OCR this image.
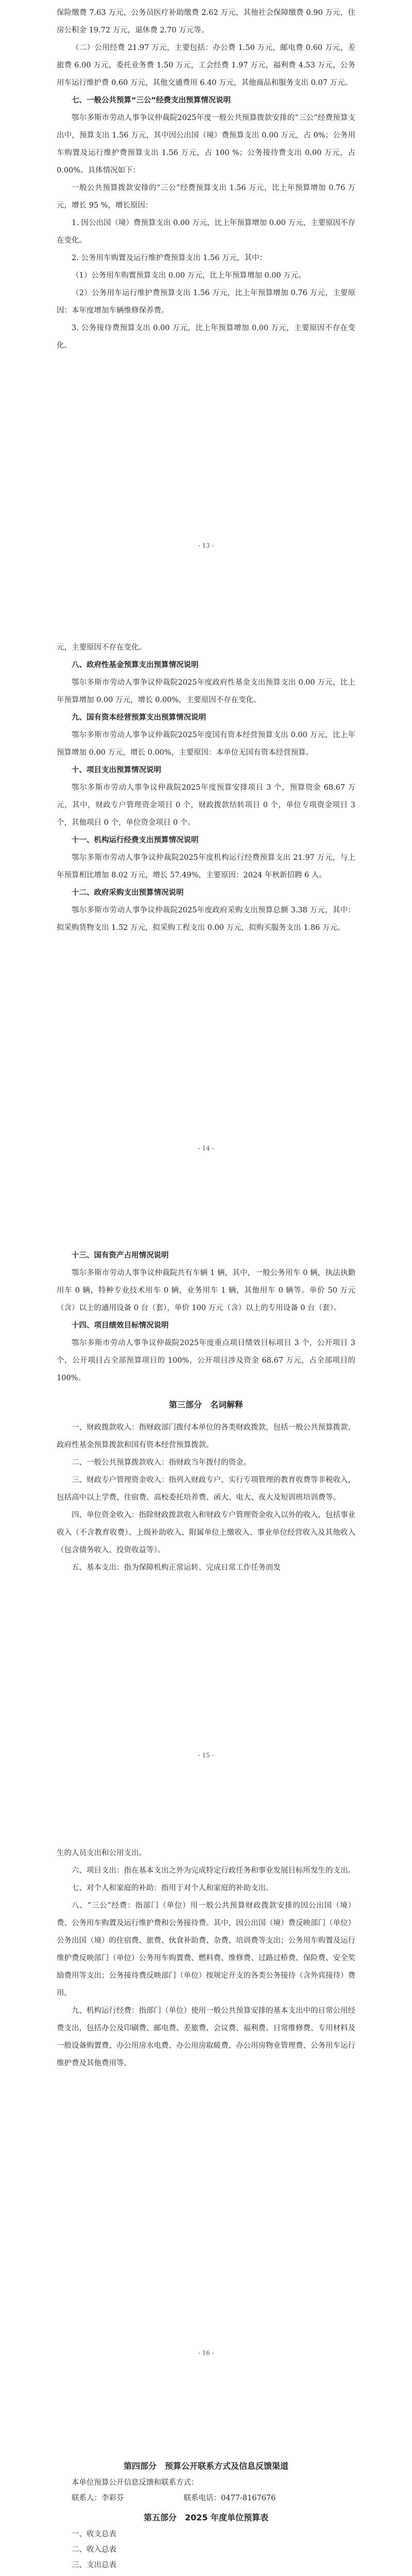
保险缴费 7.63 万元，公务员医疗补助缴费 2.62 万元，其他社会保障缴费 0.90 万元，住房公积金 19.72 万元，退休费 2.70 万元等。

（二）公用经费 21.97 万元，主要包括：办公费 1.50 万元，邮电费 0.60 万元，差旅费 6.00 万元，委托业务费 1.50 万元，工会经费 1.97 万元，福利费 4.53 万元，公务用车运行维护费 0.60 万元，其他交通费用 6.40 万元，其他商品和服务支出 0.07 万元。

七、一般公共预算“三公”经费支出预算情况说明

鄂尔多斯市劳动人事争议仲裁院2025年度一般公共预算拨款安排的“三公”经费预算支出中，预算支出 1.56 万元，其中因公出国（境）费预算支出 0.00 万元，占 0%；公务用车购置及运行维护费预算支出 1.56 万元，占 100 %；公务接待费支出 0.00 万元，占 0.00%。具体情况如下：

一般公共预算拨款安排的“三公”经费预算支出 1.56 万元，比上年预算增加 0.76 万元，增长 95 %，增长原因：

1. 因公出国（境）费预算支出 0.00 万元，比上年预算增加 0.00 万元，主要原因不存在变化。

2. 公务用车购置及运行维护费预算支出 1.56 万元，其中：

（1）公务用车购置预算支出 0.00 万元，比上年预算增加 0.00 万元。

（2）公务用车运行维护费预算支出 1.56 万元，比上年预算增加 0.76 万元，主要原因：本年度增加车辆维修保养费。

3. 公务接待费预算支出 0.00 万元，比上年预算增加 0.00 万元，主要原因不存在变化。

- 13 -

元，主要原因不存在变化。

八、政府性基金预算支出预算情况说明

鄂尔多斯市劳动人事争议仲裁院2025年度政府性基金支出预算支出 0.00 万元，比上年预算增加 0.00 万元，增长 0.00%，主要原因不存在变化。

九、国有资本经营预算支出预算情况说明

鄂尔多斯市劳动人事争议仲裁院2025年度国有资本经营预算支出 0.00 万元，比上年预算增加 0.00 万元，增长 0.00%，主要原因：本单位无国有资本经营预算。

十、项目支出预算情况说明

鄂尔多斯市劳动人事争议仲裁院2025年度预算安排项目 3 个，预算资金 68.67 万元，其中，财政专户管理资金项目 0 个，财政拨款结转项目 0 个，单位专项资金项目 3 个，其他项目 0 个，单位资金项目 0 个。

十一、机构运行经费支出预算情况说明

鄂尔多斯市劳动人事争议仲裁院2025年度机构运行经费预算支出 21.97 万元，与上年预算相比增加 8.02 万元，增长 57.49%，主要原因：2024 年秋新招聘 6 人。

十二、政府采购支出预算情况说明

鄂尔多斯市劳动人事争议仲裁院2025年度政府采购支出预算总额 3.38 万元，其中：拟采购货物支出 1.52 万元，拟采购工程支出 0.00 万元，拟购买服务支出 1.86 万元。

- 14 -

十三、国有资产占用情况说明

鄂尔多斯市劳动人事争议仲裁院共有车辆 1 辆，其中，一般公务用车 0 辆，执法执勤用车 0 辆，特种专业技术用车 0 辆，业务用车 1 辆，其他用车 0 辆等。单价 50 万元（含）以上的通用设备 0 台（套），单价 100 万元（含）以上的专用设备 0 台（套）。

十四、项目绩效目标情况说明

鄂尔多斯市劳动人事争议仲裁院2025年度重点项目绩效目标项目 3 个，公开项目 3 个，公开项目占全部预算项目的 100%，公开项目涉及资金 68.67 万元，占全部项目的 100%。

第三部分　名词解释

一、财政拨款收入：指财政部门拨付本单位的各类财政拨款，包括一般公共预算拨款、政府性基金预算拨款和国有资本经营预算拨款。

二、一般公共预算拨款收入：指财政当年拨付的资金。

三、财政专户管理资金收入：指列入财政专户、实行专项管理的教育收费等非税收入，包括高中以上学费、住宿费、高校委托培养费、函大、电大、夜大及短训班培训费等。

四、单位资金收入：指除财政拨款收入和财政专户管理资金收入以外的收入，包括事业收入（不含教育收费）、上级补助收入、附属单位上缴收入、事业单位经营收入及其他收入（包含债务收入、投资收益等）。

五、基本支出：指为保障机构正常运转、完成日常工作任务而发

- 15 -

生的人员支出和公用支出。

六、项目支出：指在基本支出之外为完成特定行政任务和事业发展目标所发生的支出。

七、对个人和家庭的补助：指用于对个人和家庭的补助支出。

八、“三公”经费：指部门（单位）用一般公共预算财政拨款安排的因公出国（境）费、公务用车购置及运行维护费和公务接待费。其中，因公出国（境）费反映部门（单位）公务出国（境）的住宿费、旅费、伙食补助费、杂费、培训费等支出；公务用车购置及运行维护费反映部门（单位）公务用车购置费、燃料费、维修费、过路过桥费、保险费、安全奖励费用等支出；公务接待费反映部门（单位）按规定开支的各类公务接待（含外宾接待）费用。

九、机构运行经费：指部门（单位）使用一般公共预算安排的基本支出中的日常公用经费支出，包括办公及印刷费、邮电费、差旅费、会议费、福利费、日常维修费、专用材料及一般设备购置费、办公用房水电费、办公用房取暖费、办公用房物业管理费、公务用车运行维护费及其他费用等。

- 16 -

第四部分　预算公开联系方式及信息反馈渠道

本单位预算公开信息反馈和联系方式：

联系人：李彩芬　　　　　　　　联系电话：0477-8167676

第五部分　2025 年度单位预算表

一、收支总表

二、收入总表

三、支出总表
